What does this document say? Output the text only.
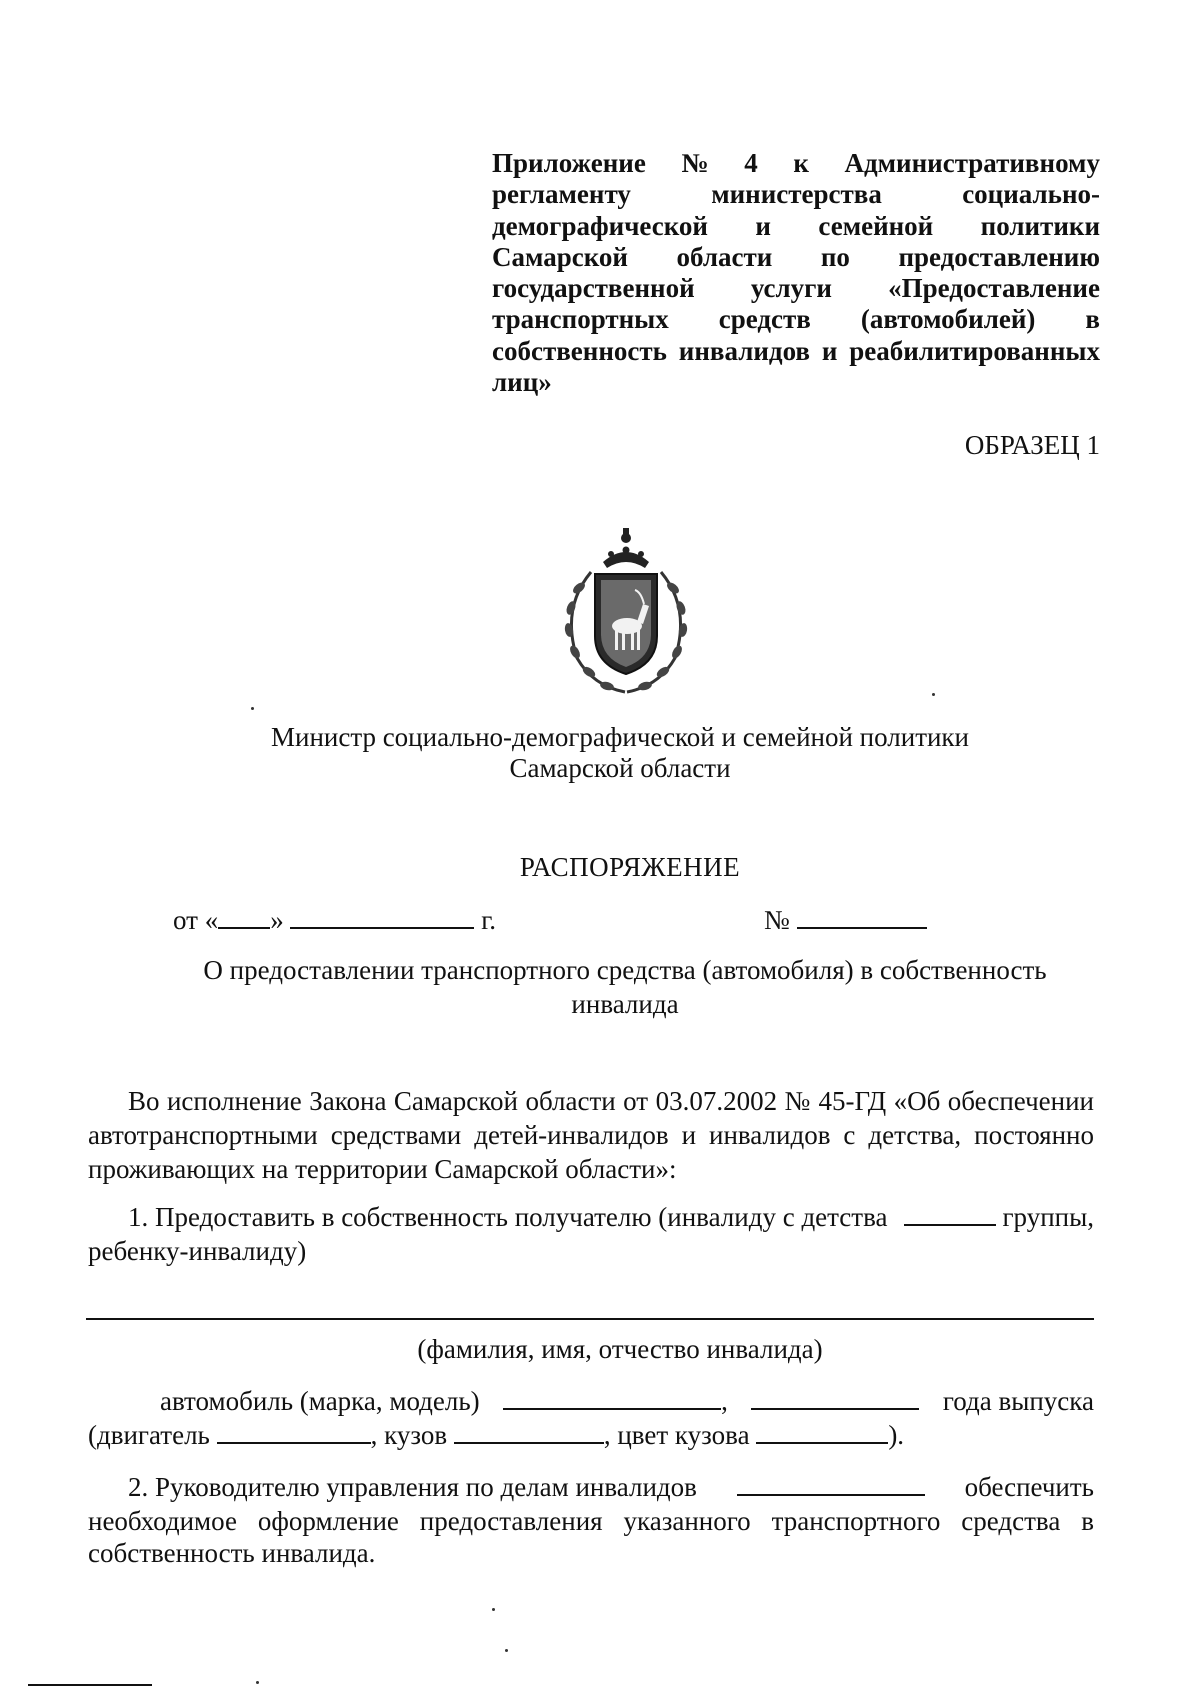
Приложение № 4 к Административному
регламенту	министерства	социально-
демографической и семейной политики
Самарской области по предоставлению
государственной услуги «Предоставление
транспортных средств (автомобилей) в
собственность инвалидов и реабилитированных
лиц»
ОБРАЗЕЦ 1
Министр социально-демографической и семейной политики
Самарской области
РАСПОРЯЖЕНИЕ
от « »	г.	№
О предоставлении транспортного средства (автомобиля) в собственность
инвалида
Во исполнение Закона Самарской области от 03.07.2002 № 45-ГД «Об обеспечении автотранспортными средствами детей-инвалидов и инвалидов с детства, постоянно проживающих на территории Самарской области»:
1. Предоставить в собственность получателю (инвалиду с детства	группы,
ребенку-инвалиду)
(фамилия, имя, отчество инвалида)
автомобиль (марка, модель)	,	года выпуска
(двигатель	, кузов	, цвет кузова	).
2. Руководителю управления по делам инвалидов	обеспечить
необходимое оформление предоставления указанного транспортного средства в
собственность инвалида.
